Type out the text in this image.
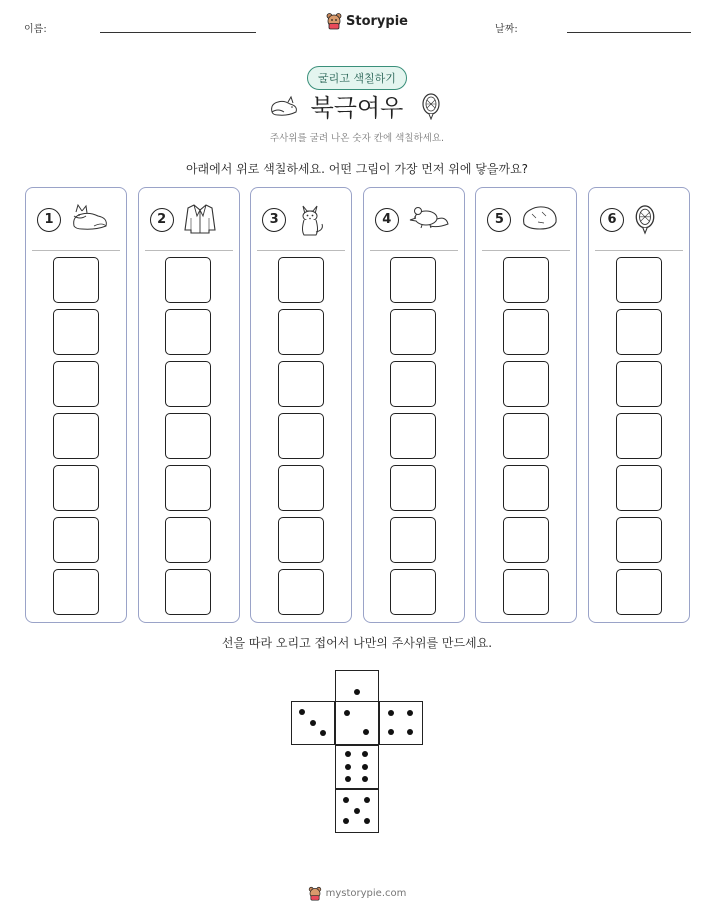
이름:
Storypie
날짜:
굴리고 색칠하기
북극여우
주사위를 굴려 나온 숫자 칸에 색칠하세요.
아래에서 위로 색칠하세요. 어떤 그림이 가장 먼저 위에 닿을까요?
1	2	3	4	5	6
선을 따라 오리고 접어서 나만의 주사위를 만드세요.
mystorypie.com
